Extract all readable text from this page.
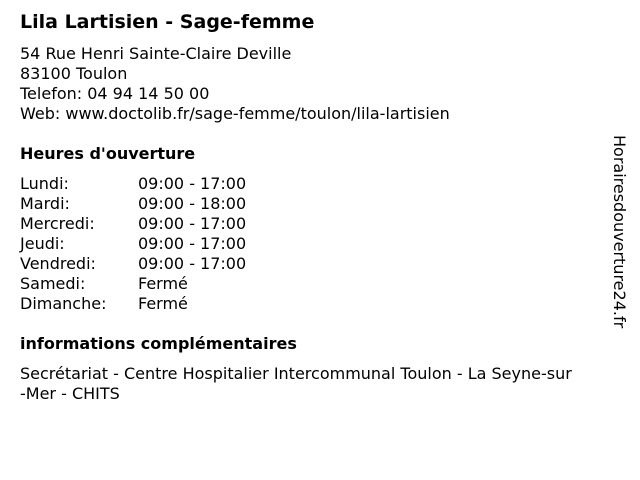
Lila Lartisien - Sage-femme
54 Rue Henri Sainte-Claire Deville
83100 Toulon
Telefon: 04 94 14 50 00
Web: www.doctolib.fr/sage-femme/toulon/lila-lartisien
Heures d'ouverture
Lundi:	09:00 - 17:00
Mardi:	09:00 - 18:00
Mercredi:	09:00 - 17:00
Jeudi:	09:00 - 17:00
Vendredi:	09:00 - 17:00
Samedi:	Fermé
Dimanche: Fermé
informations complémentaires
Secrétariat - Centre Hospitalier Intercommunal Toulon - La Seyne-sur
-Mer - CHITS
Horairesdouverture24.fr
